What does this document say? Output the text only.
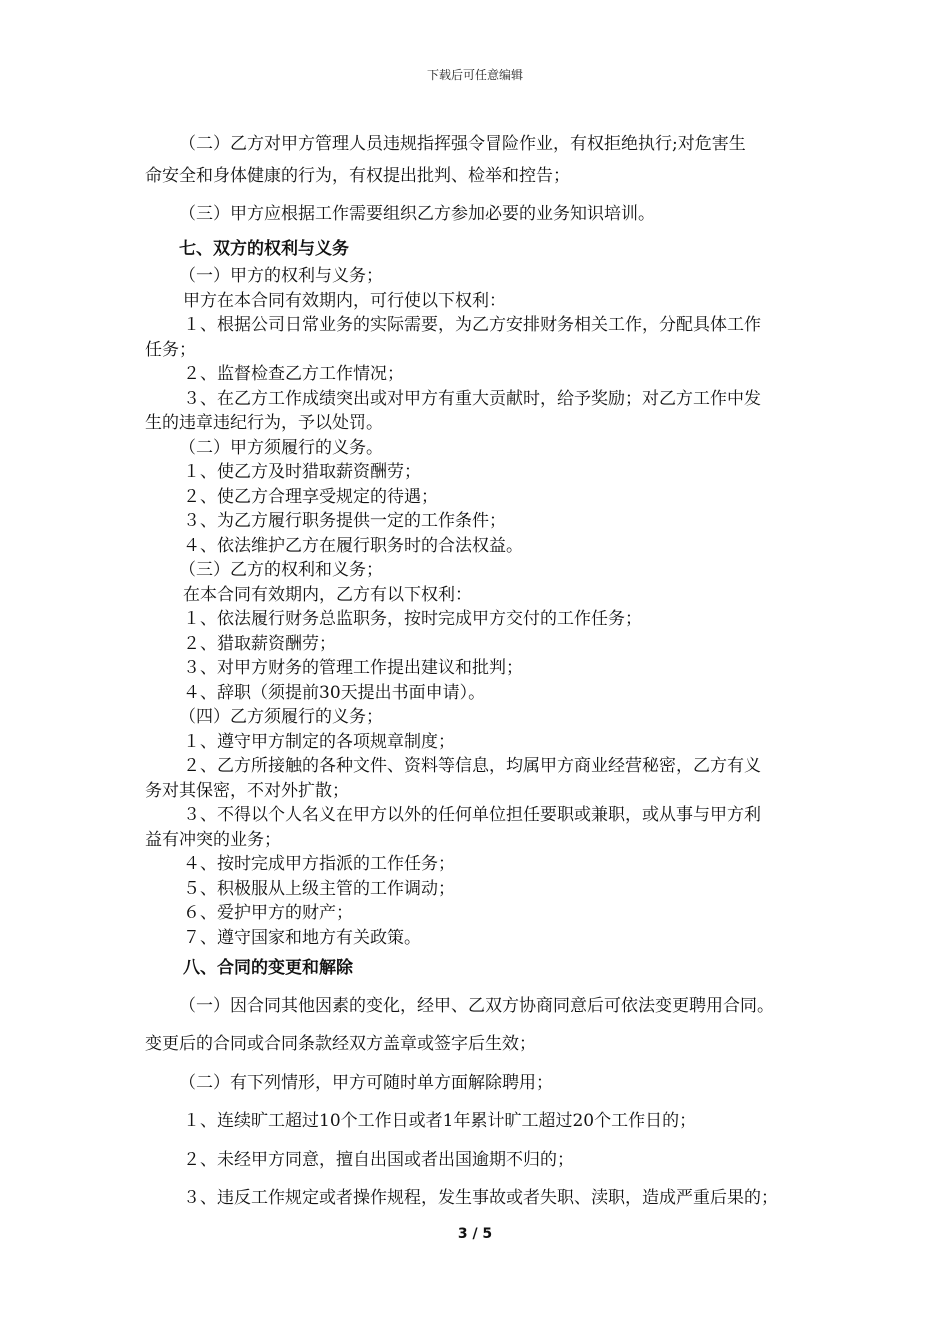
下载后可任意编辑

（二）乙方对甲方管理人员违规指挥强令冒险作业，有权拒绝执行;对危害生

命安全和身体健康的行为，有权提出批判、检举和控告；

（三）甲方应根据工作需要组织乙方参加必要的业务知识培训。

七、双方的权利与义务

（一）甲方的权利与义务；

甲方在本合同有效期内，可行使以下权利：

１、根据公司日常业务的实际需要，为乙方安排财务相关工作，分配具体工作

任务；

２、监督检查乙方工作情况；

３、在乙方工作成绩突出或对甲方有重大贡献时，给予奖励；对乙方工作中发

生的违章违纪行为，予以处罚。

（二）甲方须履行的义务。

１、使乙方及时猎取薪资酬劳；

２、使乙方合理享受规定的待遇；

３、为乙方履行职务提供一定的工作条件；

４、依法维护乙方在履行职务时的合法权益。

（三）乙方的权利和义务；

在本合同有效期内，乙方有以下权利：

１、依法履行财务总监职务，按时完成甲方交付的工作任务；

２、猎取薪资酬劳；

３、对甲方财务的管理工作提出建议和批判；

４、辞职（须提前30天提出书面申请）。

（四）乙方须履行的义务；

１、遵守甲方制定的各项规章制度；

２、乙方所接触的各种文件、资料等信息，均属甲方商业经营秘密，乙方有义

务对其保密，不对外扩散；

３、不得以个人名义在甲方以外的任何单位担任要职或兼职，或从事与甲方利

益有冲突的业务；

４、按时完成甲方指派的工作任务；

５、积极服从上级主管的工作调动；

６、爱护甲方的财产；

７、遵守国家和地方有关政策。

八、合同的变更和解除

（一）因合同其他因素的变化，经甲、乙双方协商同意后可依法变更聘用合同。

变更后的合同或合同条款经双方盖章或签字后生效；

（二）有下列情形，甲方可随时单方面解除聘用；

１、连续旷工超过10个工作日或者1年累计旷工超过20个工作日的；

２、未经甲方同意，擅自出国或者出国逾期不归的；

３、违反工作规定或者操作规程，发生事故或者失职、渎职，造成严重后果的；

3 / 5
